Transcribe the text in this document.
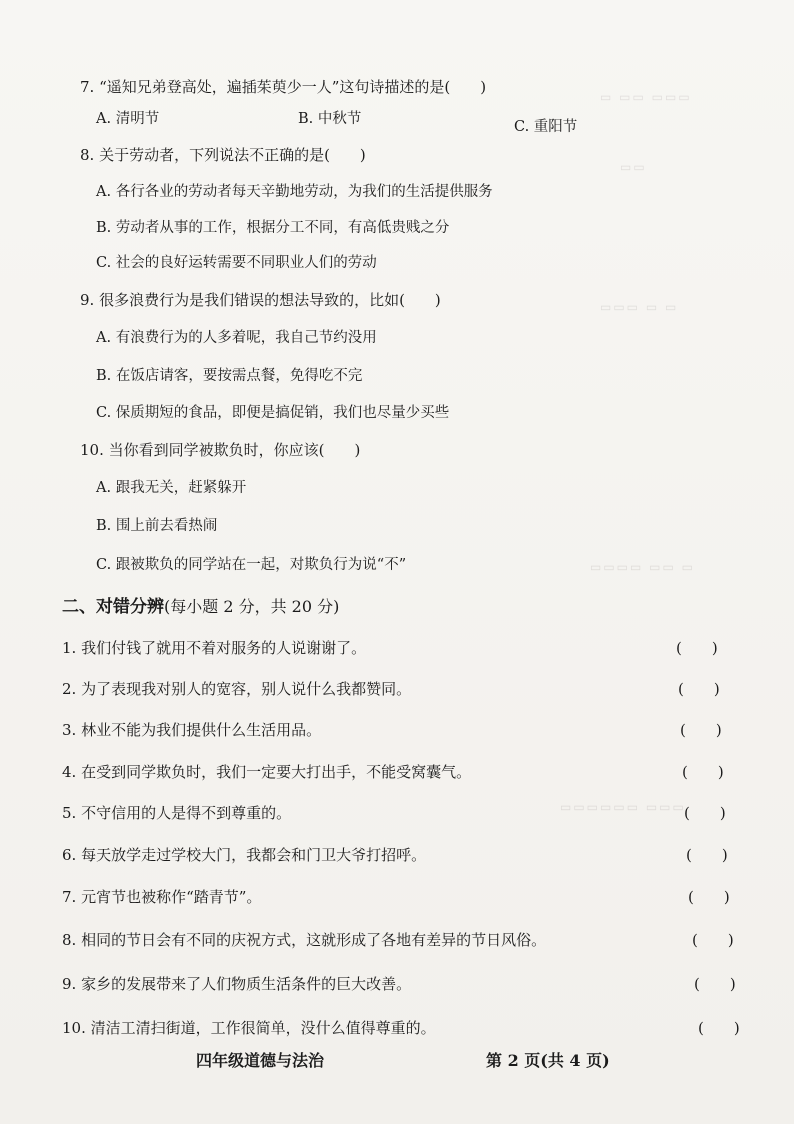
▭ ▭▭ ▭▭▭
▭▭
▭▭▭ ▭ ▭
▭▭▭▭ ▭▭ ▭
▭▭▭▭▭▭ ▭▭▭
7. “遥知兄弟登高处，遍插茱萸少一人”这句诗描述的是(　　)
A. 清明节	B. 中秋节	C. 重阳节
8. 关于劳动者，下列说法不正确的是(　　)
A. 各行各业的劳动者每天辛勤地劳动，为我们的生活提供服务
B. 劳动者从事的工作，根据分工不同，有高低贵贱之分
C. 社会的良好运转需要不同职业人们的劳动
9. 很多浪费行为是我们错误的想法导致的，比如(　　)
A. 有浪费行为的人多着呢，我自己节约没用
B. 在饭店请客，要按需点餐，免得吃不完
C. 保质期短的食品，即便是搞促销，我们也尽量少买些
10. 当你看到同学被欺负时，你应该(　　)
A. 跟我无关，赶紧躲开
B. 围上前去看热闹
C. 跟被欺负的同学站在一起，对欺负行为说“不”
二、对错分辨(每小题 2 分，共 20 分)
1. 我们付钱了就用不着对服务的人说谢谢了。	(　　)
2. 为了表现我对别人的宽容，别人说什么我都赞同。	(　　)
3. 林业不能为我们提供什么生活用品。	(　　)
4. 在受到同学欺负时，我们一定要大打出手，不能受窝囊气。	(　　)
5. 不守信用的人是得不到尊重的。	(　　)
6. 每天放学走过学校大门，我都会和门卫大爷打招呼。	(　　)
7. 元宵节也被称作“踏青节”。	(　　)
8. 相同的节日会有不同的庆祝方式，这就形成了各地有差异的节日风俗。	(　　)
9. 家乡的发展带来了人们物质生活条件的巨大改善。	(　　)
10. 清洁工清扫街道，工作很简单，没什么值得尊重的。	(　　)
四年级道德与法治	第 2 页(共 4 页)
